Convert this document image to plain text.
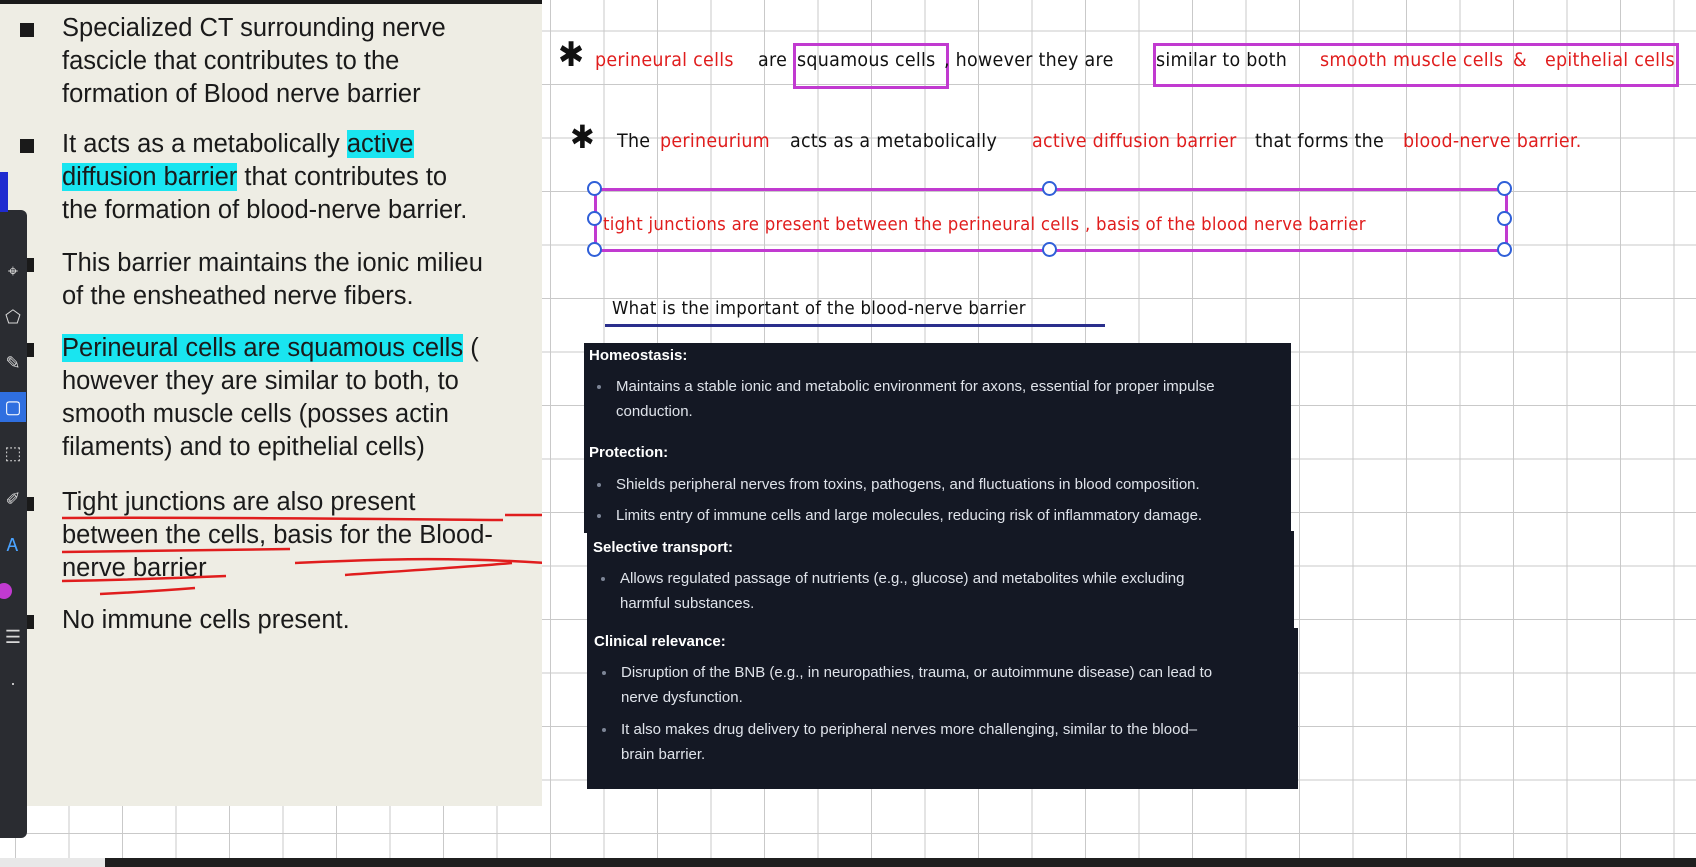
Specialized CT surrounding nerve
fascicle that contributes to the
formation of Blood nerve barrier
It acts as a metabolically active
diffusion barrier that contributes to
the formation of blood-nerve barrier.
This barrier maintains the ionic milieu
of the ensheathed nerve fibers.
Perineural cells are squamous cells (
however they are similar to both, to
smooth muscle cells (posses actin
filaments) and to epithelial cells)
Tight junctions are also present
between the cells, basis for the Blood-
nerve barrier
No immune cells present.
⌖
⬠
✎
▢
⬚
✐
Ꭺ
☰
·
✱ perineural cells are squamous cells , however they are similar to both smooth muscle cells & epithelial cells
✱ The perineurium acts as a metabolically active diffusion barrier that forms the blood-nerve barrier.
tight junctions are present between the perineural cells , basis of the blood nerve barrier
What is the important of the blood-nerve barrier
Homeostasis:
Maintains a stable ionic and metabolic environment for axons, essential for proper impulse
conduction.
Protection:
Shields peripheral nerves from toxins, pathogens, and fluctuations in blood composition.
Limits entry of immune cells and large molecules, reducing risk of inflammatory damage.
Selective transport:
Allows regulated passage of nutrients (e.g., glucose) and metabolites while excluding
harmful substances.
Clinical relevance:
Disruption of the BNB (e.g., in neuropathies, trauma, or autoimmune disease) can lead to
nerve dysfunction.
It also makes drug delivery to peripheral nerves more challenging, similar to the blood–
brain barrier.
